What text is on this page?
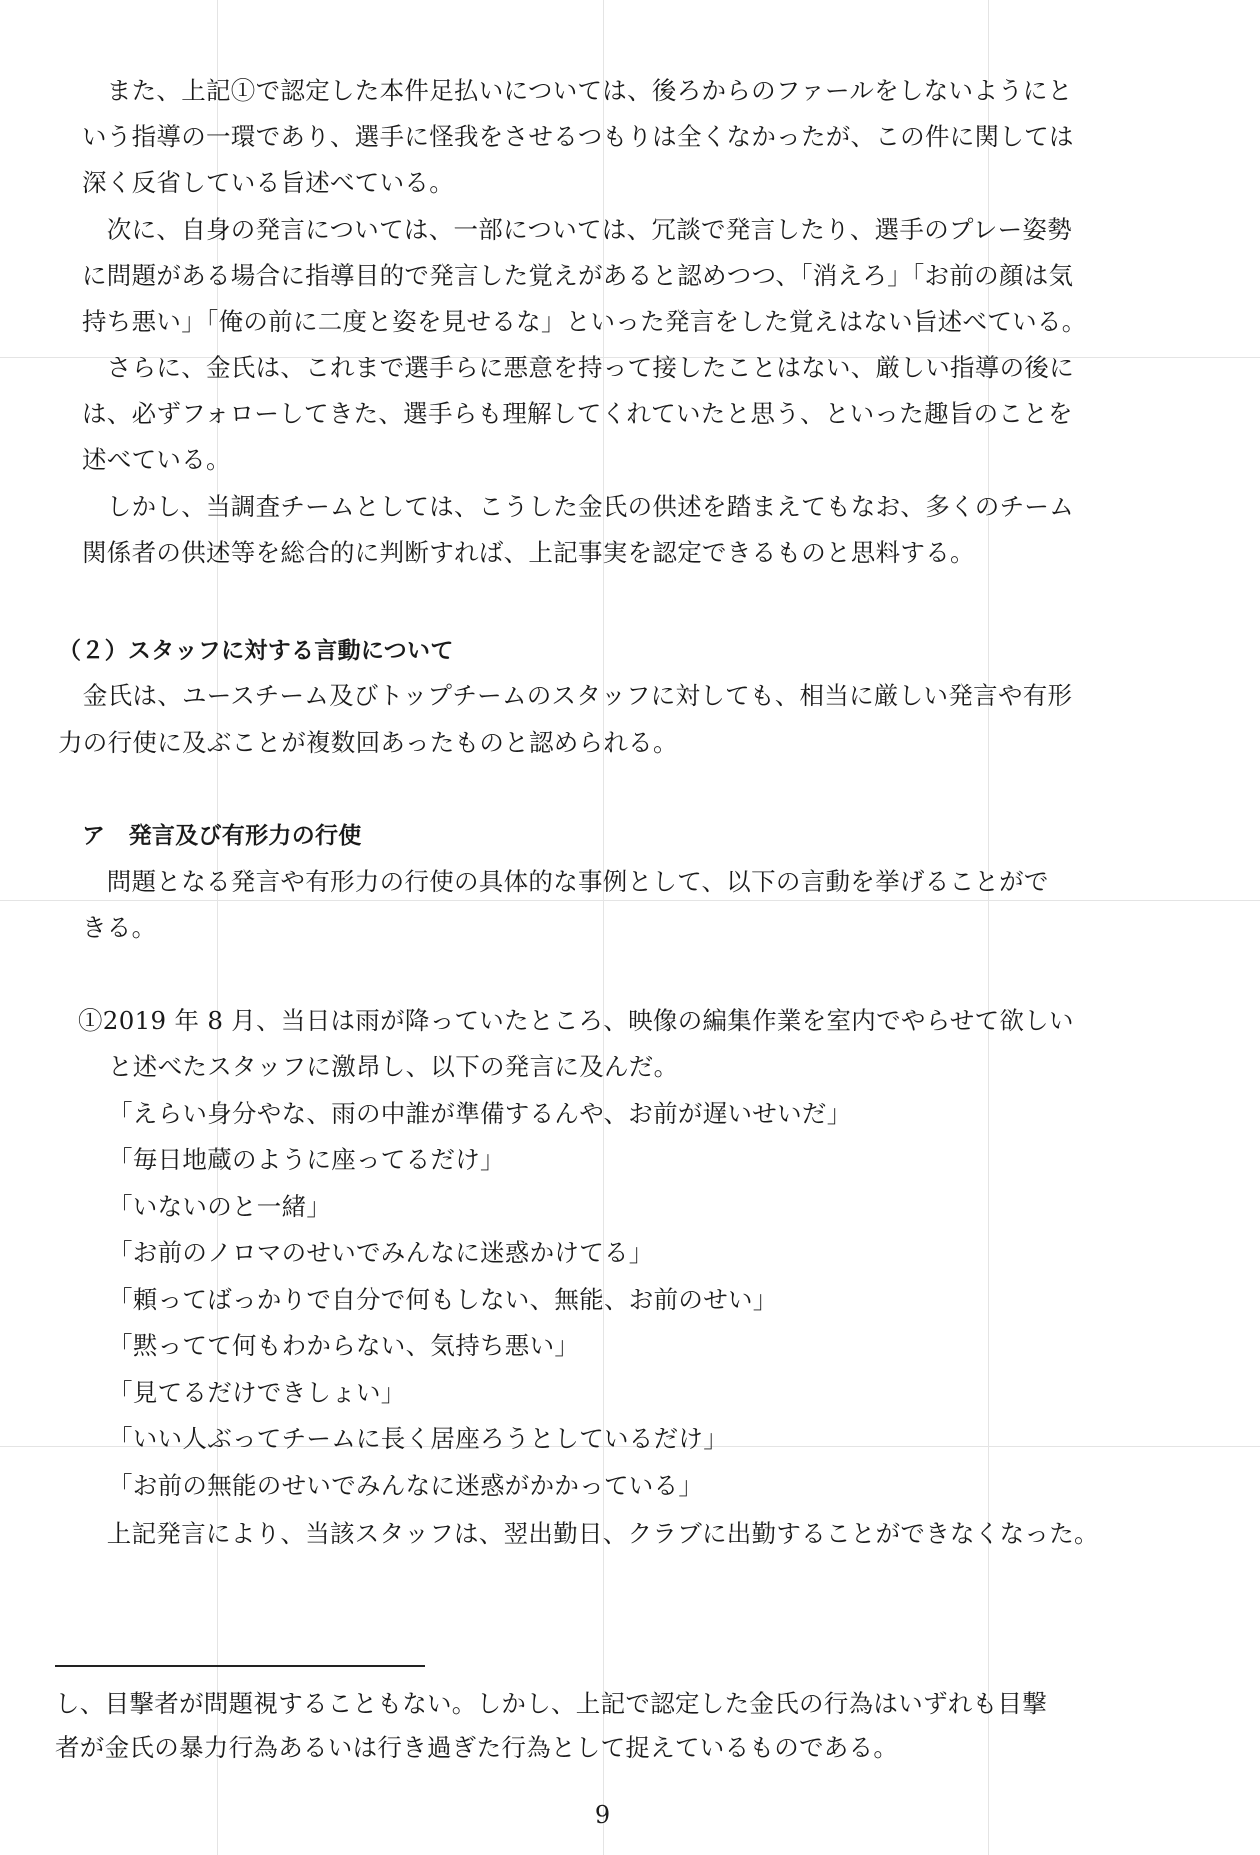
　また、上記①で認定した本件足払いについては、後ろからのファールをしないようにと
いう指導の一環であり、選手に怪我をさせるつもりは全くなかったが、この件に関しては
深く反省している旨述べている。
　次に、自身の発言については、一部については、冗談で発言したり、選手のプレー姿勢
に問題がある場合に指導目的で発言した覚えがあると認めつつ、「消えろ」「お前の顔は気
持ち悪い」「俺の前に二度と姿を見せるな」といった発言をした覚えはない旨述べている。
　さらに、金氏は、これまで選手らに悪意を持って接したことはない、厳しい指導の後に
は、必ずフォローしてきた、選手らも理解してくれていたと思う、といった趣旨のことを
述べている。
　しかし、当調査チームとしては、こうした金氏の供述を踏まえてもなお、多くのチーム
関係者の供述等を総合的に判断すれば、上記事実を認定できるものと思料する。
（２）スタッフに対する言動について
　金氏は、ユースチーム及びトップチームのスタッフに対しても、相当に厳しい発言や有形
力の行使に及ぶことが複数回あったものと認められる。
ア　発言及び有形力の行使
　問題となる発言や有形力の行使の具体的な事例として、以下の言動を挙げることがで
きる。
①2019 年 8 月、当日は雨が降っていたところ、映像の編集作業を室内でやらせて欲しい
と述べたスタッフに激昂し、以下の発言に及んだ。
「えらい身分やな、雨の中誰が準備するんや、お前が遅いせいだ」
「毎日地蔵のように座ってるだけ」
「いないのと一緒」
「お前のノロマのせいでみんなに迷惑かけてる」
「頼ってばっかりで自分で何もしない、無能、お前のせい」
「黙ってて何もわからない、気持ち悪い」
「見てるだけできしょい」
「いい人ぶってチームに長く居座ろうとしているだけ」
「お前の無能のせいでみんなに迷惑がかかっている」
　上記発言により、当該スタッフは、翌出勤日、クラブに出勤することができなくなった。
し、目撃者が問題視することもない。しかし、上記で認定した金氏の行為はいずれも目撃
者が金氏の暴力行為あるいは行き過ぎた行為として捉えているものである。
9
